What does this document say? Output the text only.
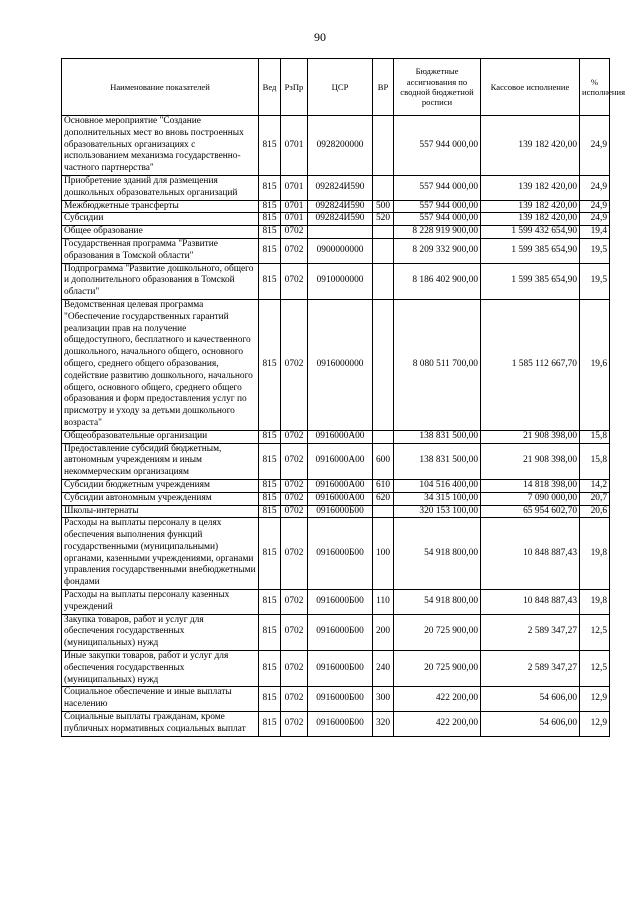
90
Наименование показателей	Вед	РзПр	ЦСР	ВР	Бюджетные ассигнования по сводной бюджетной росписи	Кассовое исполнение	% исполнения
Основное мероприятие "Создание дополнительных мест во вновь построенных образовательных организациях с использованием механизма государственно-частного партнерства"	815	0701	0928200000		557 944 000,00	139 182 420,00	24,9
Приобретение зданий для размещения дошкольных образовательных организаций	815	0701	092824И590		557 944 000,00	139 182 420,00	24,9
Межбюджетные трансферты	815	0701	092824И590	500	557 944 000,00	139 182 420,00	24,9
Субсидии	815	0701	092824И590	520	557 944 000,00	139 182 420,00	24,9
Общее образование	815	0702			8 228 919 900,00	1 599 432 654,90	19,4
Государственная программа "Развитие образования в Томской области"	815	0702	0900000000		8 209 332 900,00	1 599 385 654,90	19,5
Подпрограмма "Развитие дошкольного, общего и дополнительного образования в Томской области"	815	0702	0910000000		8 186 402 900,00	1 599 385 654,90	19,5
Ведомственная целевая программа "Обеспечение государственных гарантий реализации прав на получение общедоступного, бесплатного и качественного дошкольного, начального общего, основного общего, среднего общего образования, содействие развитию дошкольного, начального общего, основного общего, среднего общего образования и форм предоставления услуг по присмотру и уходу за детьми дошкольного возраста"	815	0702	0916000000		8 080 511 700,00	1 585 112 667,70	19,6
Общеобразовательные организации	815	0702	0916000А00		138 831 500,00	21 908 398,00	15,8
Предоставление субсидий бюджетным, автономным учреждениям и иным некоммерческим организациям	815	0702	0916000А00	600	138 831 500,00	21 908 398,00	15,8
Субсидии бюджетным учреждениям	815	0702	0916000А00	610	104 516 400,00	14 818 398,00	14,2
Субсидии автономным учреждениям	815	0702	0916000А00	620	34 315 100,00	7 090 000,00	20,7
Школы-интернаты	815	0702	0916000Б00		320 153 100,00	65 954 602,70	20,6
Расходы на выплаты персоналу в целях обеспечения выполнения функций государственными (муниципальными) органами, казенными учреждениями, органами управления государственными внебюджетными фондами	815	0702	0916000Б00	100	54 918 800,00	10 848 887,43	19,8
Расходы на выплаты персоналу казенных учреждений	815	0702	0916000Б00	110	54 918 800,00	10 848 887,43	19,8
Закупка товаров, работ и услуг для обеспечения государственных (муниципальных) нужд	815	0702	0916000Б00	200	20 725 900,00	2 589 347,27	12,5
Иные закупки товаров, работ и услуг для обеспечения государственных (муниципальных) нужд	815	0702	0916000Б00	240	20 725 900,00	2 589 347,27	12,5
Социальное обеспечение и иные выплаты населению	815	0702	0916000Б00	300	422 200,00	54 606,00	12,9
Социальные выплаты гражданам, кроме публичных нормативных социальных выплат	815	0702	0916000Б00	320	422 200,00	54 606,00	12,9
